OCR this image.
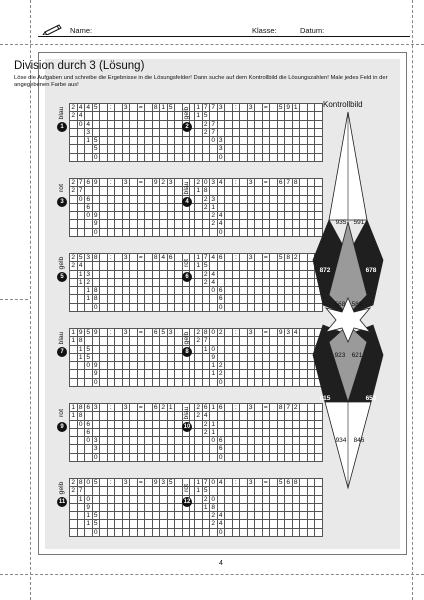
Name:	Klasse:	Datum:
Division durch 3 (Lösung)
Löse die Aufgaben und schreibe die Ergebnisse in die Lösungsfelder! Dann suche auf dem Kontrollbild die Lösungszahlen! Male jedes Feld in der angegebenen Farbe aus!
blau
1
2 4 4 5	:	3	=	8 1 5
2 4
0 4
3
1 5
5
0
gelb
2
1 7 7 3	:	3	=	5 9 1
1 5
2 7
2 7
0 3
3
0
rot
3
2 7 6 9	:	3	=	9 2 3
2 7
0 6
6
0 9
9
0
blau
4
2 0 3 4	:	3	=	6 7 8
1 8
2 3
2 1
2 4
2 4
0
gelb
5
2 5 3 8	:	3	=	8 4 6
2 4
1 3
1 2
1 8
1 8
0
rot
6
1 7 4 6	:	3	=	5 8 2
1 5
2 4
2 4
0 6
6
0
blau
7
1 9 5 9	:	3	=	6 5 3
1 8
1 5
1 5
0 9
9
0
gelb
8
2 8 0 2	:	3	=	9 3 4
2 7
1 0
9
1 2
1 2
0
rot
9
1 8 6 3	:	3	=	6 2 1
1 8
0 6
6
0 3
3
0
blau
10
2 6 1 6	:	3	=	8 7 2
2 4
2 1
2 1
0 6
6
0
gelb
11
2 8 0 5	:	3	=	9 3 5
2 7
1 0
9
1 5
1 5
0
rot
12
1 7 0 4	:	3	=	5 6 8
1 5
2 0
1 8
2 4
2 4
0
Kontrollbild
935 591
872	678
568 582
923 621
815	653
934 846
4
